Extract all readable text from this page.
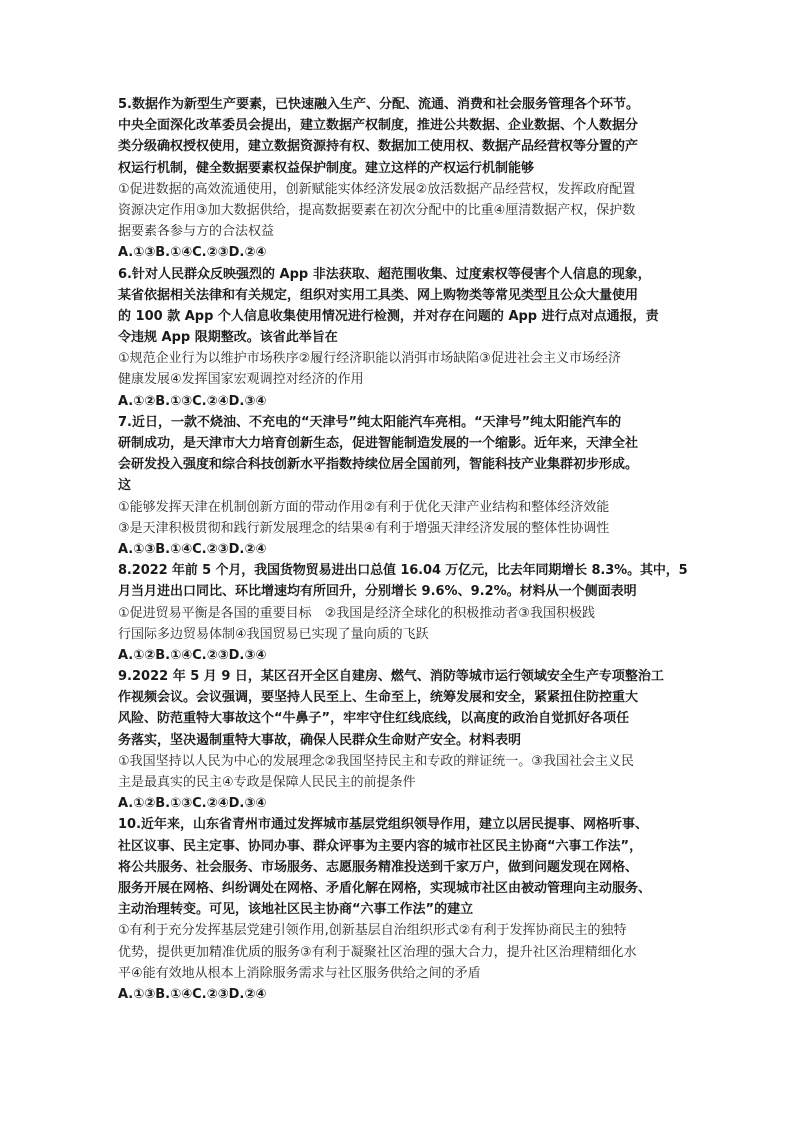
5.数据作为新型生产要素，已快速融入生产、分配、流通、消费和社会服务管理各个环节。
中央全面深化改革委员会提出，建立数据产权制度，推进公共数据、企业数据、个人数据分
类分级确权授权使用，建立数据资源持有权、数据加工使用权、数据产品经营权等分置的产
权运行机制，健全数据要素权益保护制度。建立这样的产权运行机制能够
①促进数据的高效流通使用，创新赋能实体经济发展②放活数据产品经营权，发挥政府配置
资源决定作用③加大数据供给，提高数据要素在初次分配中的比重④厘清数据产权，保护数
据要素各参与方的合法权益
A.①③B.①④C.②③D.②④
6.针对人民群众反映强烈的 App 非法获取、超范围收集、过度索权等侵害个人信息的现象，
某省依据相关法律和有关规定，组织对实用工具类、网上购物类等常见类型且公众大量使用
的 100 款 App 个人信息收集使用情况进行检测，并对存在问题的 App 进行点对点通报，责
令违规 App 限期整改。该省此举旨在
①规范企业行为以维护市场秩序②履行经济职能以消弭市场缺陷③促进社会主义市场经济
健康发展④发挥国家宏观调控对经济的作用
A.①②B.①③C.②④D.③④
7.近日，一款不烧油、不充电的“天津号”纯太阳能汽车亮相。“天津号”纯太阳能汽车的
研制成功，是天津市大力培育创新生态，促进智能制造发展的一个缩影。近年来，天津全社
会研发投入强度和综合科技创新水平指数持续位居全国前列，智能科技产业集群初步形成。
这
①能够发挥天津在机制创新方面的带动作用②有利于优化天津产业结构和整体经济效能
③是天津积极贯彻和践行新发展理念的结果④有利于增强天津经济发展的整体性协调性
A.①③B.①④C.②③D.②④
8.2022 年前 5 个月，我国货物贸易进出口总值 16.04 万亿元，比去年同期增长 8.3%。其中，5
月当月进出口同比、环比增速均有所回升，分别增长 9.6%、9.2%。材料从一个侧面表明
①促进贸易平衡是各国的重要目标　②我国是经济全球化的积极推动者③我国积极践
行国际多边贸易体制④我国贸易已实现了量向质的飞跃
A.①②B.①④C.②③D.③④
9.2022 年 5 月 9 日，某区召开全区自建房、燃气、消防等城市运行领域安全生产专项整治工
作视频会议。会议强调，要坚持人民至上、生命至上，统筹发展和安全，紧紧扭住防控重大
风险、防范重特大事故这个“牛鼻子”，牢牢守住红线底线，以高度的政治自觉抓好各项任
务落实，坚决遏制重特大事故，确保人民群众生命财产安全。材料表明
①我国坚持以人民为中心的发展理念②我国坚持民主和专政的辩证统一。③我国社会主义民
主是最真实的民主④专政是保障人民民主的前提条件
A.①②B.①③C.②④D.③④
10.近年来，山东省青州市通过发挥城市基层党组织领导作用，建立以居民提事、网格听事、
社区议事、民主定事、协同办事、群众评事为主要内容的城市社区民主协商“六事工作法”，
将公共服务、社会服务、市场服务、志愿服务精准投送到千家万户，做到问题发现在网格、
服务开展在网格、纠纷调处在网格、矛盾化解在网格，实现城市社区由被动管理向主动服务、
主动治理转变。可见，该地社区民主协商“六事工作法”的建立
①有利于充分发挥基层党建引领作用,创新基层自治组织形式②有利于发挥协商民主的独特
优势，提供更加精准优质的服务③有利于凝聚社区治理的强大合力，提升社区治理精细化水
平④能有效地从根本上消除服务需求与社区服务供给之间的矛盾
A.①③B.①④C.②③D.②④
